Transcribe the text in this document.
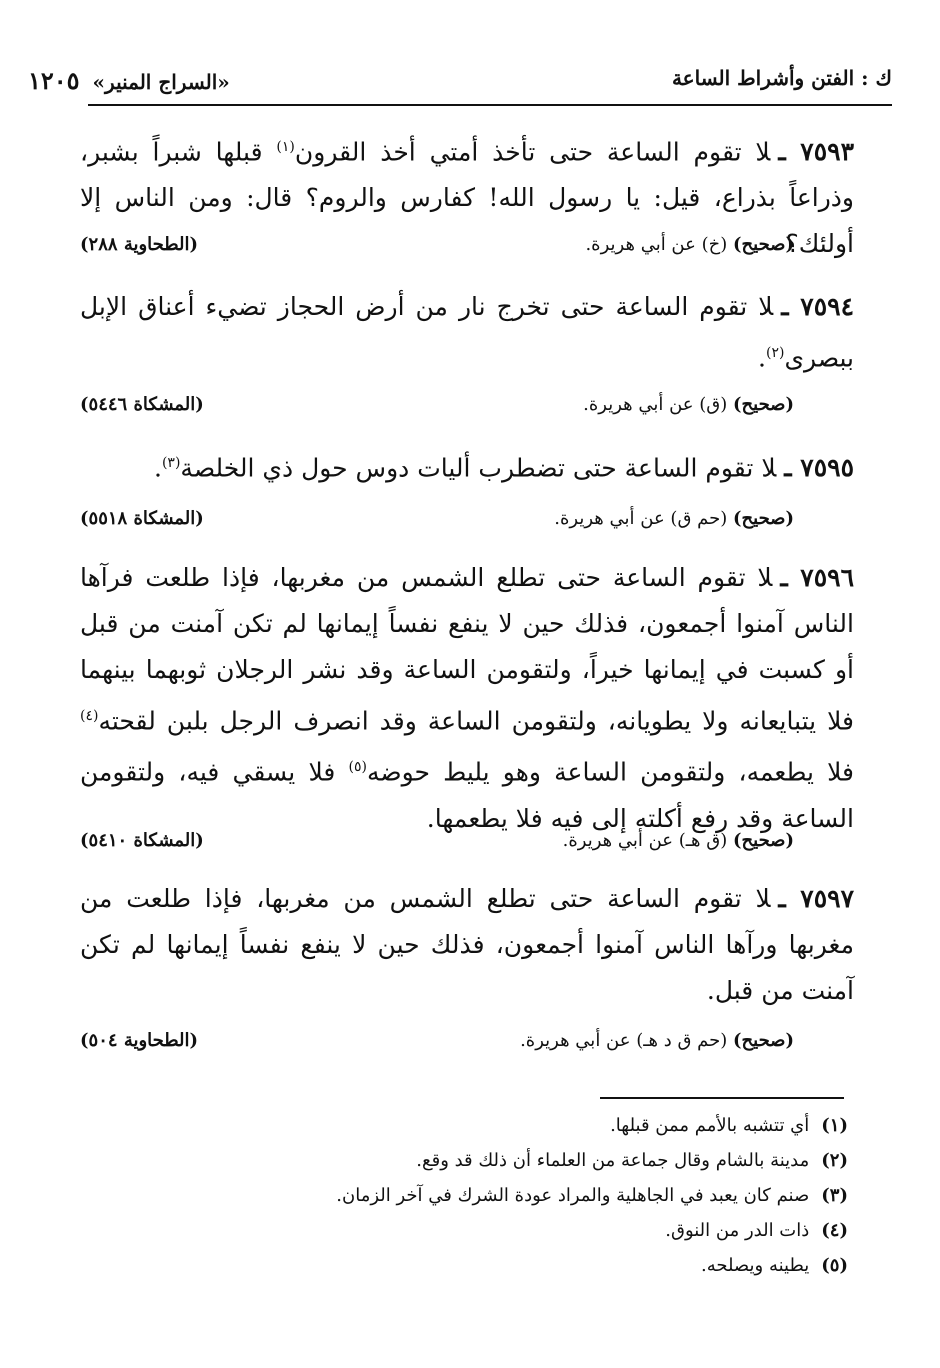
ك : الفتن وأشراط الساعة
«السراج المنير» ١٢٠٥
٧٥٩٣ ـلا تقوم الساعة حتى تأخذ أمتي أخذ القرون$^{(١)}$ قبلها شبراً بشبر، وذراعاً بذراع، قيل: يا رسول الله! كفارس والروم؟ قال: ومن الناس إلا أولئك؟
(صحيح) (خ) عن أبي هريرة.
(الطحاوية ٢٨٨)
٧٥٩٤ ـلا تقوم الساعة حتى تخرج نار من أرض الحجاز تضيء أعناق الإبل ببصرى$^{(٢)}$.
(صحيح) (ق) عن أبي هريرة.
(المشكاة ٥٤٤٦)
٧٥٩٥ ـلا تقوم الساعة حتى تضطرب أليات دوس حول ذي الخلصة$^{(٣)}$.
(صحيح) (حم ق) عن أبي هريرة.
(المشكاة ٥٥١٨)
٧٥٩٦ ـلا تقوم الساعة حتى تطلع الشمس من مغربها، فإذا طلعت فرآها الناس آمنوا أجمعون، فذلك حين لا ينفع نفساً إيمانها لم تكن آمنت من قبل أو كسبت في إيمانها خيراً، ولتقومن الساعة وقد نشر الرجلان ثوبهما بينهما فلا يتبايعانه ولا يطويانه، ولتقومن الساعة وقد انصرف الرجل بلبن لقحته$^{(٤)}$ فلا يطعمه، ولتقومن الساعة وهو يليط حوضه$^{(٥)}$ فلا يسقي فيه، ولتقومن الساعة وقد رفع أكلته إلى فيه فلا يطعمها.
(صحيح) (ق هـ) عن أبي هريرة.
(المشكاة ٥٤١٠)
٧٥٩٧ ـلا تقوم الساعة حتى تطلع الشمس من مغربها، فإذا طلعت من مغربها ورآها الناس آمنوا أجمعون، فذلك حين لا ينفع نفساً إيمانها لم تكن آمنت من قبل.
(صحيح) (حم ق د هـ) عن أبي هريرة.
(الطحاوية ٥٠٤)
(١)أي تتشبه بالأمم ممن قبلها.
(٢)مدينة بالشام وقال جماعة من العلماء أن ذلك قد وقع.
(٣)صنم كان يعبد في الجاهلية والمراد عودة الشرك في آخر الزمان.
(٤)ذات الدر من النوق.
(٥)يطينه ويصلحه.
